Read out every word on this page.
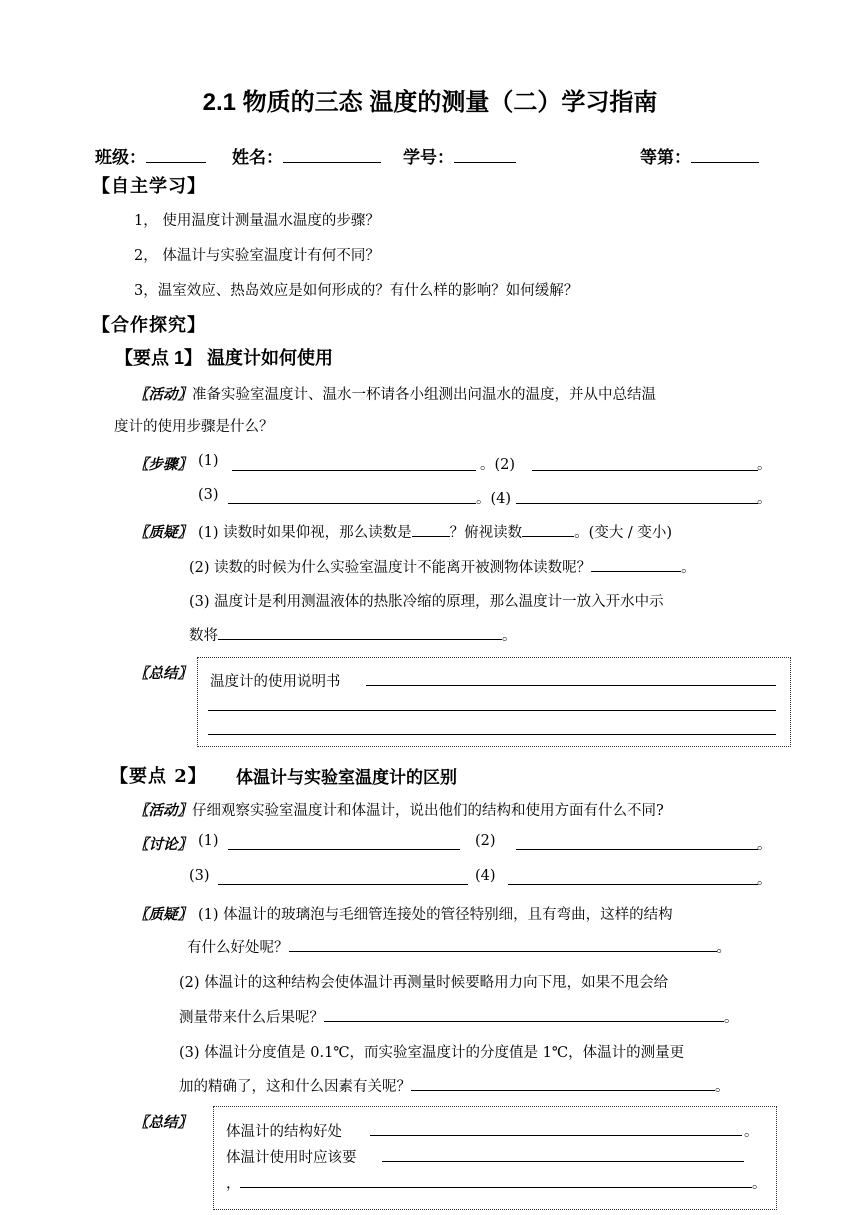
2.1 物质的三态 温度的测量（二）学习指南
班级：	姓名：	学号：	等第：
【自主学习】
1， 使用温度计测量温水温度的步骤？
2， 体温计与实验室温度计有何不同？
3，温室效应、热岛效应是如何形成的？有什么样的影响？如何缓解？
【合作探究】
【要点 1】 温度计如何使用
〖活动〗准备实验室温度计、温水一杯请各小组测出问温水的温度，并从中总结温
度计的使用步骤是什么？
〖步骤〗 (1)	。(2)	。
(3)	。(4)	。
〖质疑〗 (1) 读数时如果仰视，那么读数是	？俯视读数	。(变大 / 变小)
(2) 读数的时候为什么实验室温度计不能离开被测物体读数呢？	。
(3) 温度计是利用测温液体的热胀冷缩的原理，那么温度计一放入开水中示
数将	。
〖总结〗 温度计的使用说明书
【要点 2】 体温计与实验室温度计的区别
〖活动〗仔细观察实验室温度计和体温计，说出他们的结构和使用方面有什么不同?
〖讨论〗 (1)	(2)	。
(3)	(4)	。
〖质疑〗 (1) 体温计的玻璃泡与毛细管连接处的管径特别细，且有弯曲，这样的结构
有什么好处呢？	。
(2) 体温计的这种结构会使体温计再测量时候要略用力向下甩，如果不甩会给
测量带来什么后果呢？	。
(3) 体温计分度值是 0.1℃，而实验室温度计的分度值是 1℃，体温计的测量更
加的精确了，这和什么因素有关呢？	。
〖总结〗
体温计的结构好处	。
体温计使用时应该要
，	。
